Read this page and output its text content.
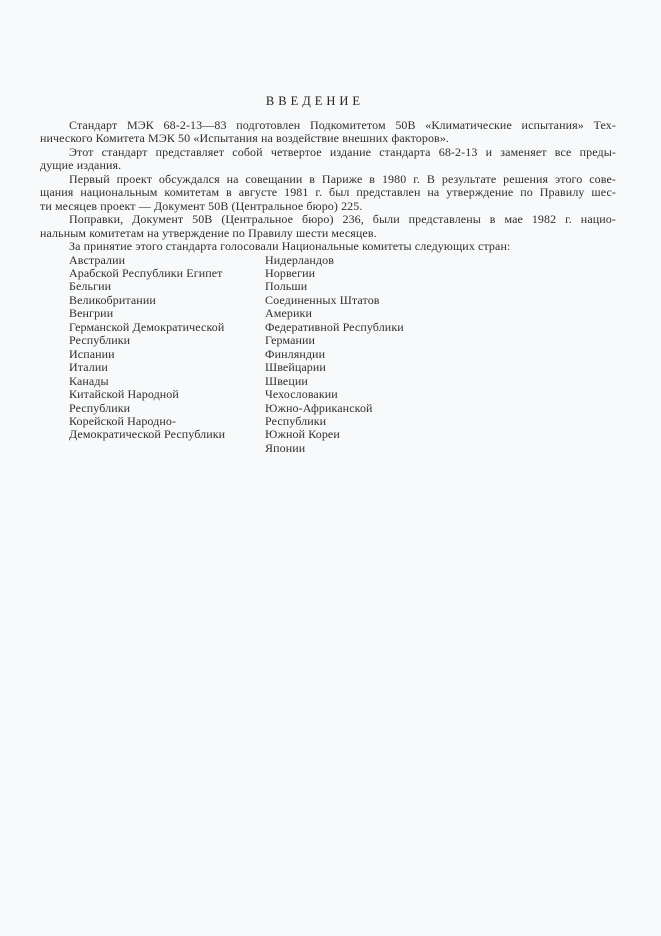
ВВЕДЕНИЕ
Стандарт МЭК 68-2-13—83 подготовлен Подкомитетом 50В «Климатические испытания» Тех-
нического Комитета МЭК 50 «Испытания на воздействие внешних факторов».
Этот стандарт представляет собой четвертое издание стандарта 68-2-13 и заменяет все преды-
дущие издания.
Первый проект обсуждался на совещании в Париже в 1980 г. В результате решения этого сове-
щания национальным комитетам в августе 1981 г. был представлен на утверждение по Правилу шес-
ти месяцев проект — Документ 50В (Центральное бюро) 225.
Поправки, Документ 50В (Центральное бюро) 236, были представлены в мае 1982 г. нацио-
нальным комитетам на утверждение по Правилу шести месяцев.
За принятие этого стандарта голосовали Национальные комитеты следующих стран:
Австралии	Нидерландов
Арабской Республики Египет	Норвегии
Бельгии	Польши
Великобритании	Соединенных Штатов
Венгрии	Америки
Германской Демократической	Федеративной Республики
Республики	Германии
Испании	Финляндии
Италии	Швейцарии
Канады	Швеции
Китайской Народной	Чехословакии
Республики	Южно-Африканской
Корейской Народно-	Республики
Демократической Республики	Южной Кореи
Японии
